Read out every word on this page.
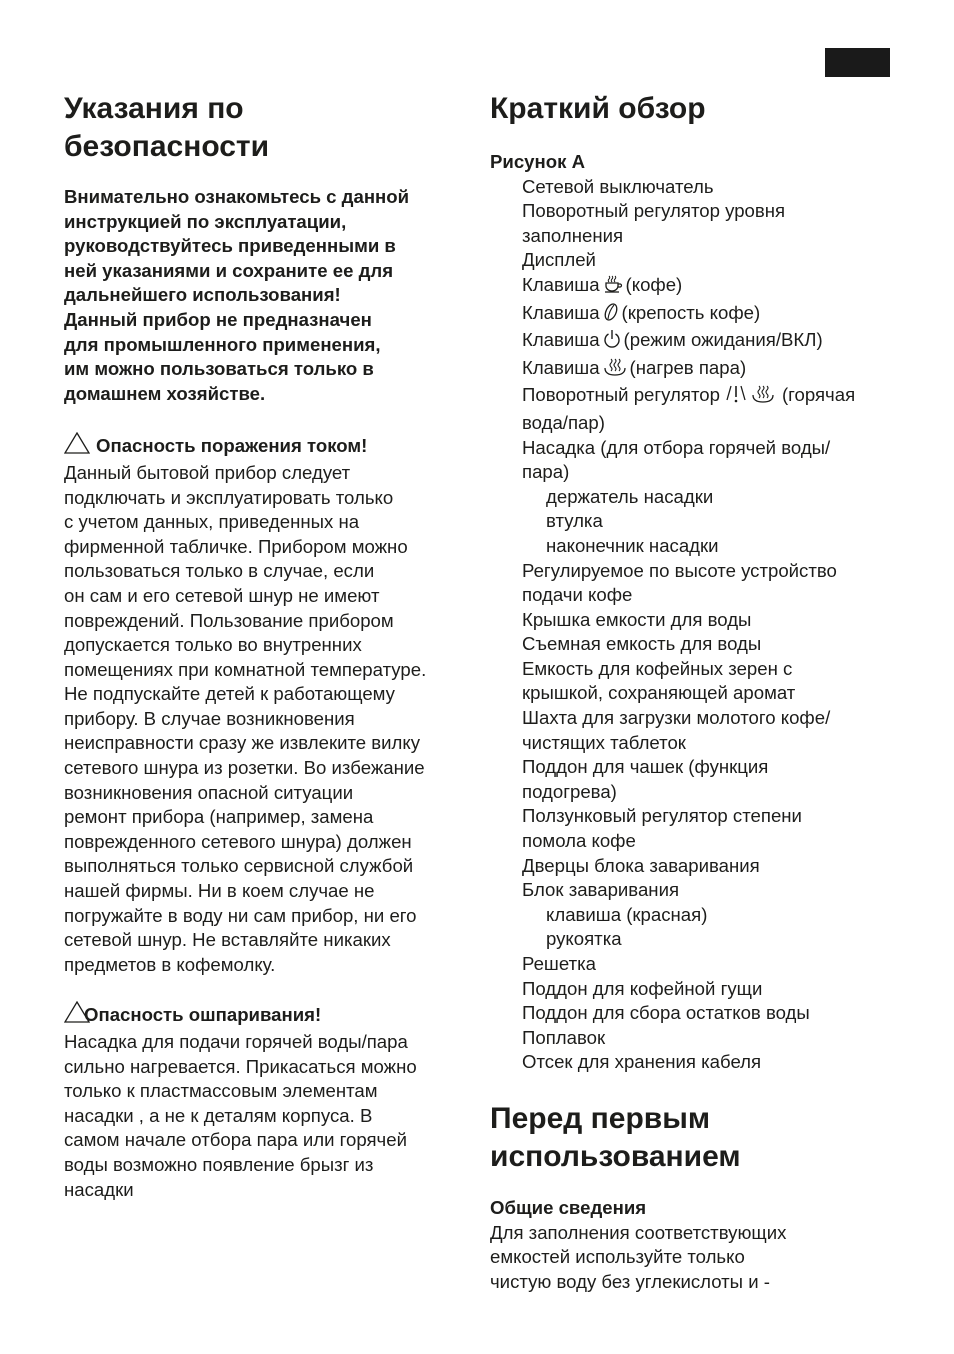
Указания по
безопасности

Внимательно ознакомьтесь с данной
инструкцией по эксплуатации,
руководствуйтесь приведенными в
ней указаниями и сохраните ее для
дальнейшего использования!
Данный прибор не предназначен
для промышленного применения,
им можно пользоваться только в
домашнем хозяйстве.

Опасность поражения током!

Данный бытовой прибор следует
подключать и эксплуатировать только
с учетом данных, приведенных на
фирменной табличке. Прибором можно
пользоваться только в случае, если
он сам и его сетевой шнур не имеют
повреждений. Пользование прибором
допускается только во внутренних
помещениях при комнатной температуре.
Не подпускайте детей к работающему
прибору. В случае возникновения
неисправности сразу же извлеките вилку
сетевого шнура из розетки. Во избежание
возникновения опасной ситуации
ремонт прибора (например, замена
поврежденного сетевого шнура) должен
выполняться только сервисной службой
нашей фирмы. Ни в коем случае не
погружайте в воду ни сам прибор, ни его
сетевой шнур. Не вставляйте никаких
предметов в кофемолку.

Опасность ошпаривания!

Насадка для подачи горячей воды/пара
сильно нагревается. Прикасаться можно
только к пластмассовым элементам
насадки , а не к деталям корпуса. В
самом начале отбора пара или горячей
воды возможно появление брызг из
насадки

Краткий обзор

Рисунок А

Сетевой выключатель
Поворотный регулятор уровня
заполнения
Дисплей
Клавиша (кофе)
Клавиша (крепость кофе)
Клавиша (режим ожидания/ВКЛ)
Клавиша (нагрев пара)
Поворотный регулятор	(горячая
вода/пар)
Насадка (для отбора горячей воды/
пара)
держатель насадки
втулка
наконечник насадки
Регулируемое по высоте устройство
подачи кофе
Крышка емкости для воды
Съемная емкость для воды
Емкость для кофейных зерен с
крышкой, сохраняющей аромат
Шахта для загрузки молотого кофе/
чистящих таблеток
Поддон для чашек (функция
подогрева)
Ползунковый регулятор степени
помола кофе
Дверцы блока заваривания
Блок заваривания
клавиша (красная)
рукоятка
Решетка
Поддон для кофейной гущи
Поддон для сбора остатков воды
Поплавок
Отсек для хранения кабеля
Перед первым
использованием

Общие сведения

Для заполнения соответствующих
емкостей используйте только
чистую воду без углекислоты и -
